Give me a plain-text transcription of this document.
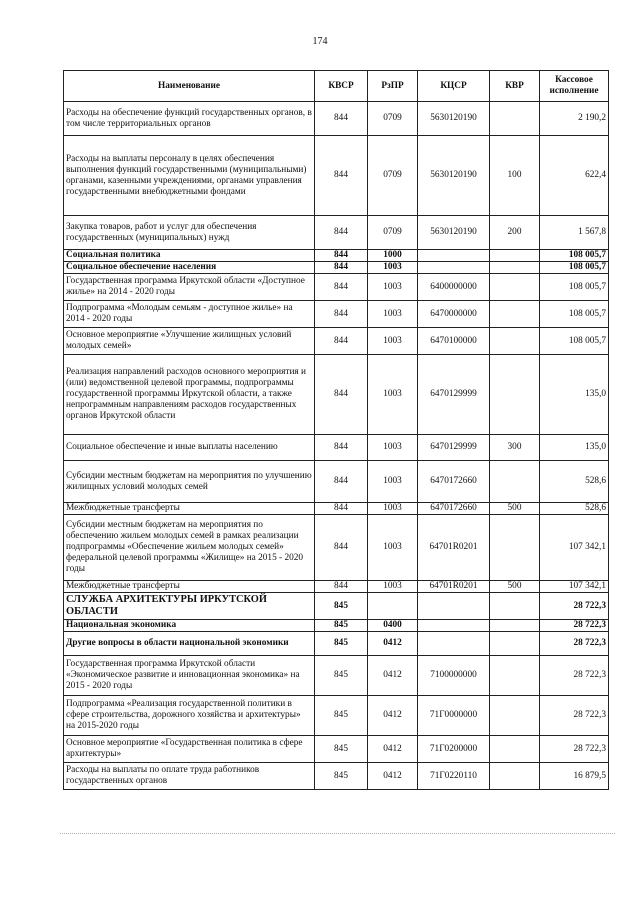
174
Наименование	КВСР	РзПР	КЦСР	КВР	Кассовое исполнение
Расходы на обеспечение функций государственных органов, в том числе территориальных органов	844	0709	5630120190		2 190,2
Расходы на выплаты персоналу в целях обеспечения выполнения функций государственными (муниципальными) органами, казенными учреждениями, органами управления государственными внебюджетными фондами	844	0709	5630120190	100	622,4
Закупка товаров, работ и услуг для обеспечения государственных (муниципальных) нужд	844	0709	5630120190	200	1 567,8
Социальная политика	844	1000			108 005,7
Социальное обеспечение населения	844	1003			108 005,7
Государственная программа Иркутской области «Доступное жилье» на 2014 - 2020 годы	844	1003	6400000000		108 005,7
Подпрограмма «Молодым семьям - доступное жилье» на 2014 - 2020 годы	844	1003	6470000000		108 005,7
Основное мероприятие «Улучшение жилищных условий молодых семей»	844	1003	6470100000		108 005,7
Реализация направлений расходов основного мероприятия и (или) ведомственной целевой программы, подпрограммы государственной программы Иркутской области, а также непрограммным направлениям расходов государственных органов Иркутской области	844	1003	6470129999		135,0
Социальное обеспечение и иные выплаты населению	844	1003	6470129999	300	135,0
Субсидии местным бюджетам на мероприятия по улучшению жилищных условий молодых семей	844	1003	6470172660		528,6
Межбюджетные трансферты	844	1003	6470172660	500	528,6
Субсидии местным бюджетам на мероприятия по обеспечению жильем молодых семей в рамках реализации подпрограммы «Обеспечение жильем молодых семей» федеральной целевой программы «Жилище» на 2015 - 2020 годы	844	1003	64701R0201		107 342,1
Межбюджетные трансферты	844	1003	64701R0201	500	107 342,1
СЛУЖБА АРХИТЕКТУРЫ ИРКУТСКОЙ ОБЛАСТИ	845				28 722,3
Национальная экономика	845	0400			28 722,3
Другие вопросы в области национальной экономики	845	0412			28 722,3
Государственная программа Иркутской области «Экономическое развитие и инновационная экономика» на 2015 - 2020 годы	845	0412	7100000000		28 722,3
Подпрограмма «Реализация государственной политики в сфере строительства, дорожного хозяйства и архитектуры» на 2015-2020 годы	845	0412	71Г0000000		28 722,3
Основное мероприятие «Государственная политика в сфере архитектуры»	845	0412	71Г0200000		28 722,3
Расходы на выплаты по оплате труда работников государственных органов	845	0412	71Г0220110		16 879,5
